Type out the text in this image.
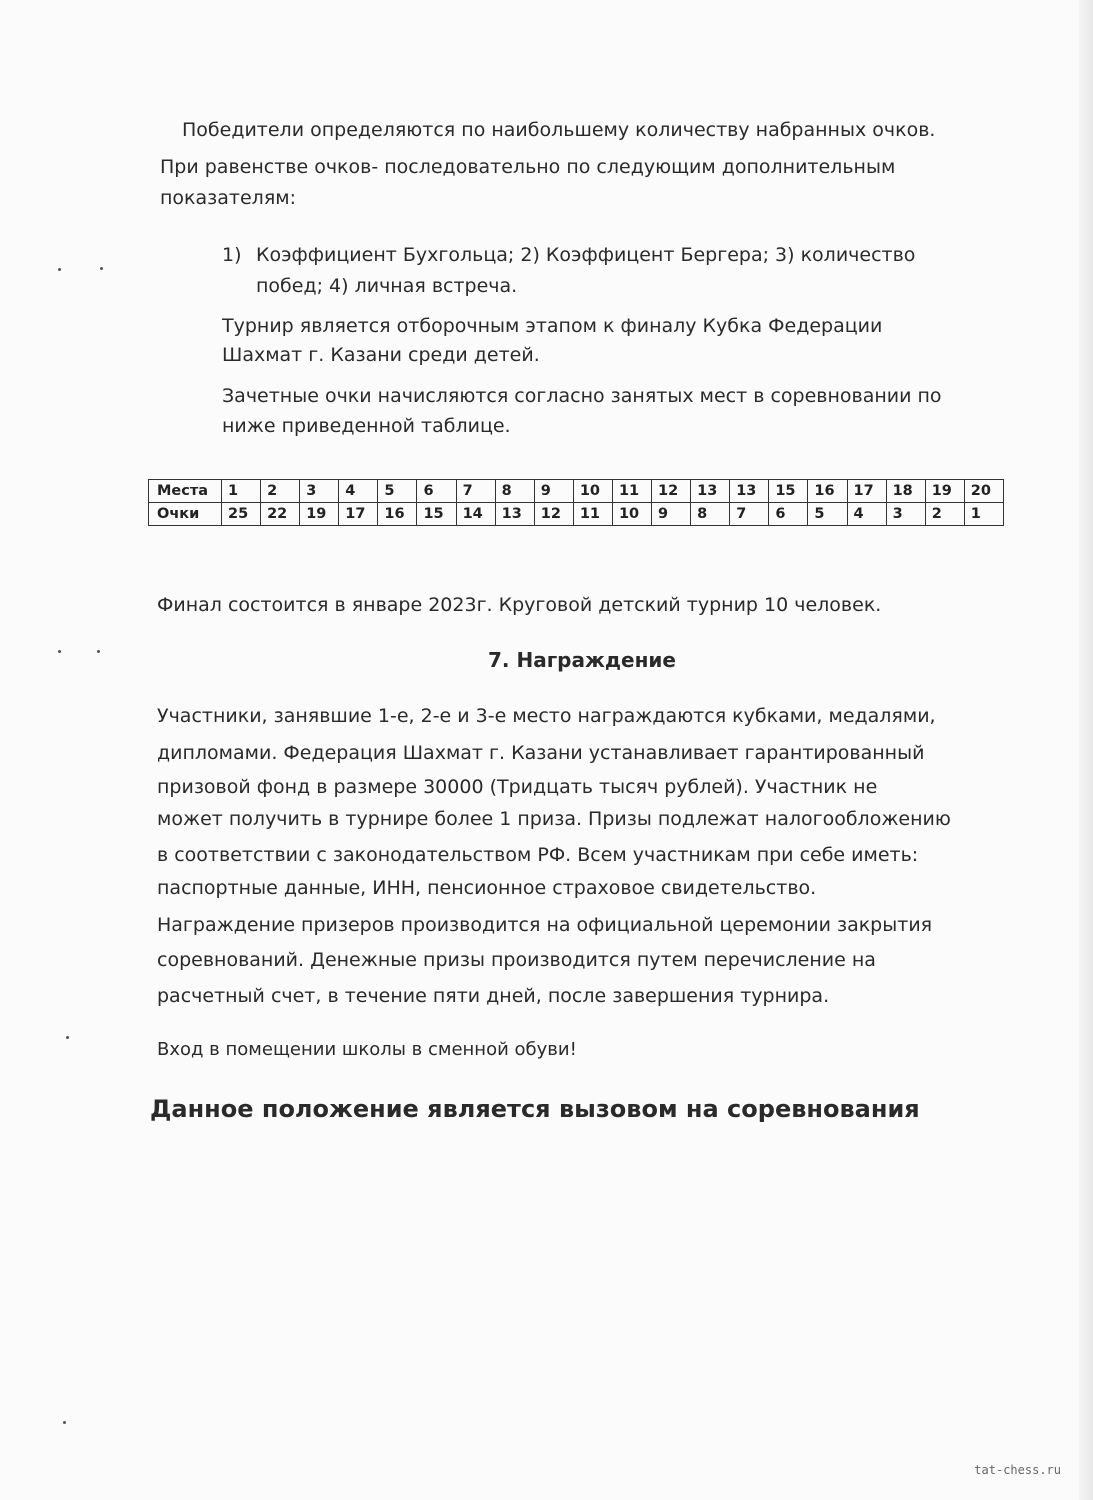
Победители определяются по наибольшему количеству набранных очков.
При равенстве очков- последовательно по следующим дополнительным
показателям:
1) Коэффициент Бухгольца; 2) Коэффицент Бергера; 3) количество
побед; 4) личная встреча.
Турнир является отборочным этапом к финалу Кубка Федерации
Шахмат г. Казани среди детей.
Зачетные очки начисляются согласно занятых мест в соревновании по
ниже приведенной таблице.
Места	1	2	3	4	5	6	7	8	9	10	11	12	13	13	15	16	17	18	19	20
Очки	25	22	19	17	16	15	14	13	12	11	10	9	8	7	6	5	4	3	2	1
Финал состоится в январе 2023г. Круговой детский турнир 10 человек.
7. Награждение
Участники, занявшие 1-е, 2-е и 3-е место награждаются кубками, медалями,
дипломами. Федерация Шахмат г. Казани устанавливает гарантированный
призовой фонд в размере 30000 (Тридцать тысяч рублей). Участник не
может получить в турнире более 1 приза. Призы подлежат налогообложению
в соответствии с законодательством РФ. Всем участникам при себе иметь:
паспортные данные, ИНН, пенсионное страховое свидетельство.
Награждение призеров производится на официальной церемонии закрытия
соревнований. Денежные призы производится путем перечисление на
расчетный счет, в течение пяти дней, после завершения турнира.
Вход в помещении школы в сменной обуви!
Данное положение является вызовом на соревнования
tat-chess.ru
